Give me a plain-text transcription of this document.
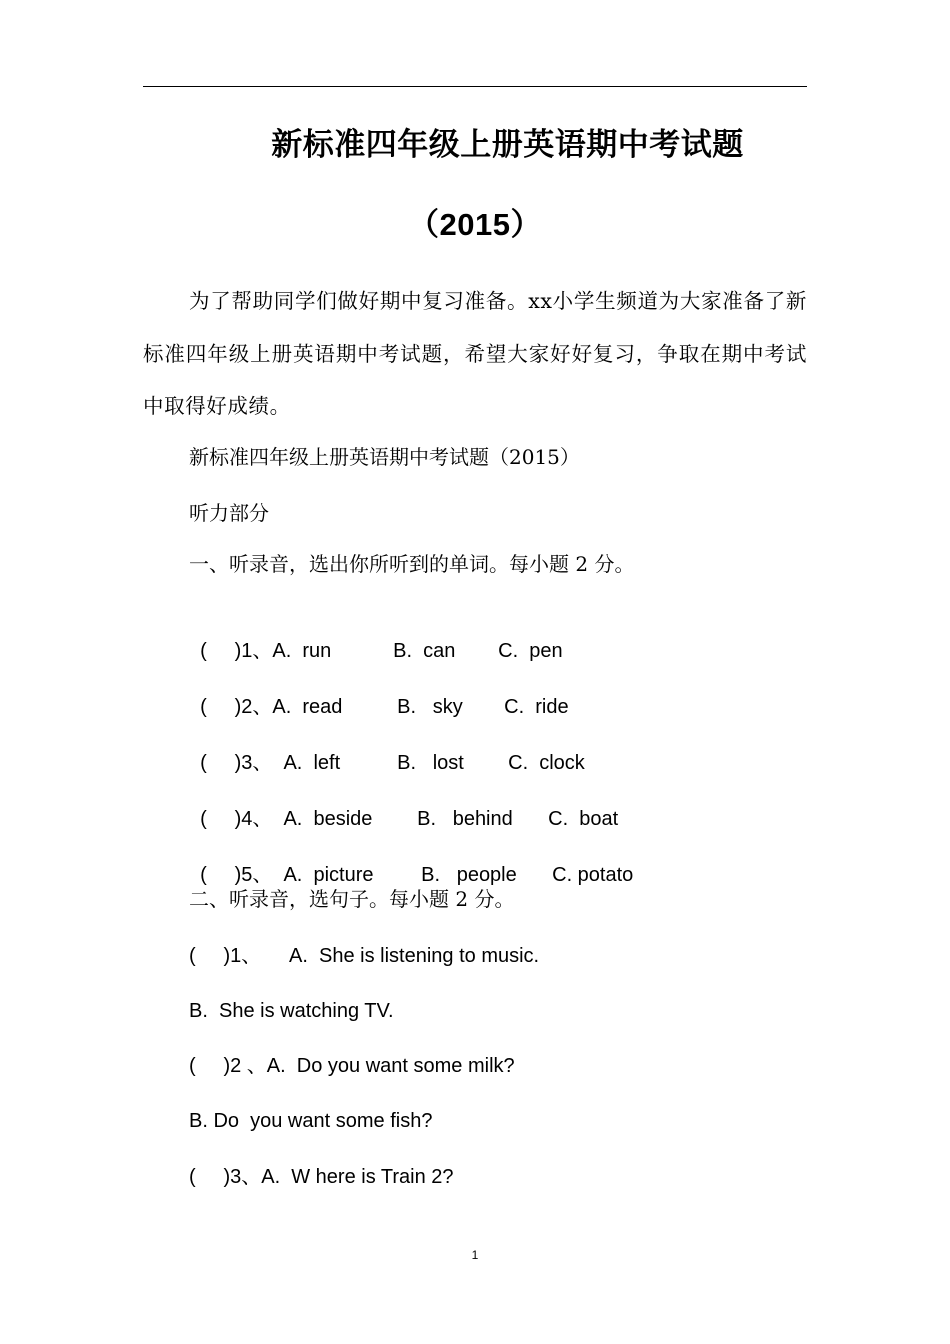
新标准四年级上册英语期中考试题
（2015）
为了帮助同学们做好期中复习准备。xx小学生频道为大家准备了新标准四年级上册英语期中考试题，希望大家好好复习，争取在期中考试中取得好成绩。
新标准四年级上册英语期中考试题（2015）
听力部分
一、听录音，选出你所听到的单词。每小题 2 分。

(     )1、A.  run	B.  can C.  pen

(     )2、A.  read	B.   sky C.  ride

(     )3、  A.  left	B.   lost C.  clock

(     )4、  A.  beside B.   behind C.  boat

(     )5、  A.  picture B.   people C. potato

二、听录音，选句子。每小题 2 分。
(     )1、     A.  She is listening to music.
B.  She is watching TV.
(     )2 、A.  Do you want some milk?
B. Do  you want some fish?
(     )3、A.  W here is Train 2?
1
